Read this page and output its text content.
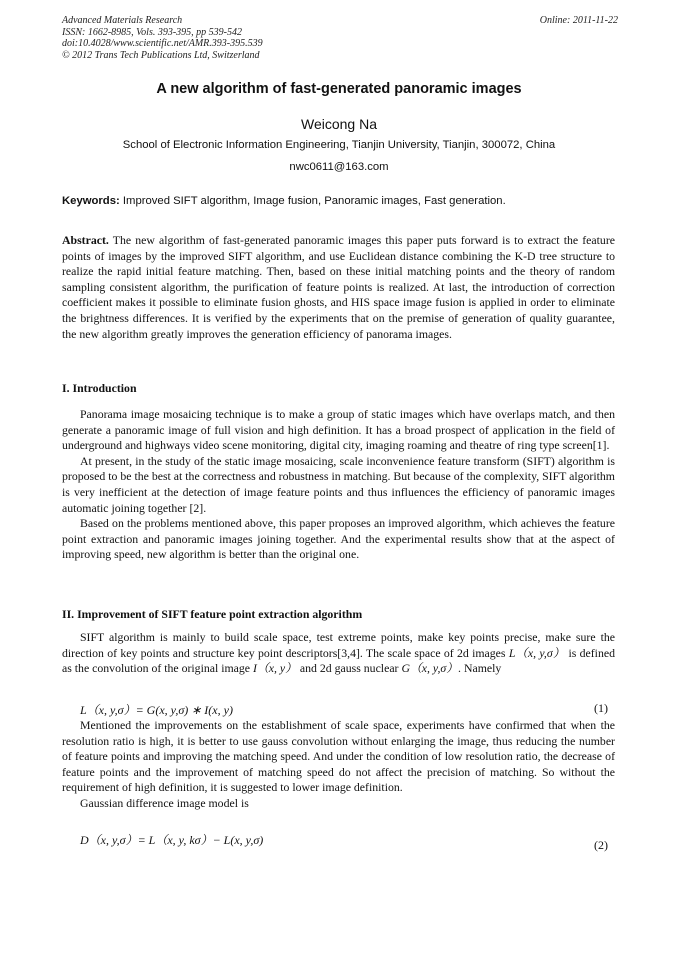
Advanced Materials Research
ISSN: 1662-8985, Vols. 393-395, pp 539-542
doi:10.4028/www.scientific.net/AMR.393-395.539
© 2012 Trans Tech Publications Ltd, Switzerland
Online: 2011-11-22
A new algorithm of fast-generated panoramic images
Weicong Na
School of Electronic Information Engineering, Tianjin University, Tianjin, 300072, China
nwc0611@163.com
Keywords: Improved SIFT algorithm, Image fusion, Panoramic images, Fast generation.

Abstract. The new algorithm of fast-generated panoramic images this paper puts forward is to extract the feature points of images by the improved SIFT algorithm, and use Euclidean distance combining the K-D tree structure to realize the rapid initial feature matching. Then, based on these initial matching points and the theory of random sampling consistent algorithm, the purification of feature points is realized. At last, the introduction of correction coefficient makes it possible to eliminate fusion ghosts, and HIS space image fusion is applied in order to eliminate the brightness differences. It is verified by the experiments that on the premise of generation of quality guarantee, the new algorithm greatly improves the generation efficiency of panorama images.

I. Introduction

Panorama image mosaicing technique is to make a group of static images which have overlaps match, and then generate a panoramic image of full vision and high definition. It has a broad prospect of application in the field of underground and highways video scene monitoring, digital city, imaging roaming and theatre of ring type screen[1].

At present, in the study of the static image mosaicing, scale inconvenience feature transform (SIFT) algorithm is proposed to be the best at the correctness and robustness in matching. But because of the complexity, SIFT algorithm is very inefficient at the detection of image feature points and thus influences the efficiency of panoramic images automatic joining together [2].

Based on the problems mentioned above, this paper proposes an improved algorithm, which achieves the feature point extraction and panoramic images joining together. And the experimental results show that at the aspect of improving speed, new algorithm is better than the original one.

II. Improvement of SIFT feature point extraction algorithm

SIFT algorithm is mainly to build scale space, test extreme points, make key points precise, make sure the direction of key points and structure key point descriptors[3,4]. The scale space of 2d images L（x, y,σ） is defined as the convolution of the original image I（x, y） and 2d gauss nuclear G（x, y,σ）. Namely

L（x, y,σ）= G(x, y,σ) ∗ I(x, y)	(1)

Mentioned the improvements on the establishment of scale space, experiments have confirmed that when the resolution ratio is high, it is better to use gauss convolution without enlarging the image, thus reducing the number of feature points and improving the matching speed. And under the condition of low resolution ratio, the decrease of feature points and the improvement of matching speed do not affect the precision of matching. So without the requirement of high definition, it is suggested to lower image definition.

Gaussian difference image model is

D（x, y,σ）= L（x, y, kσ）− L(x, y,σ)	(2)
